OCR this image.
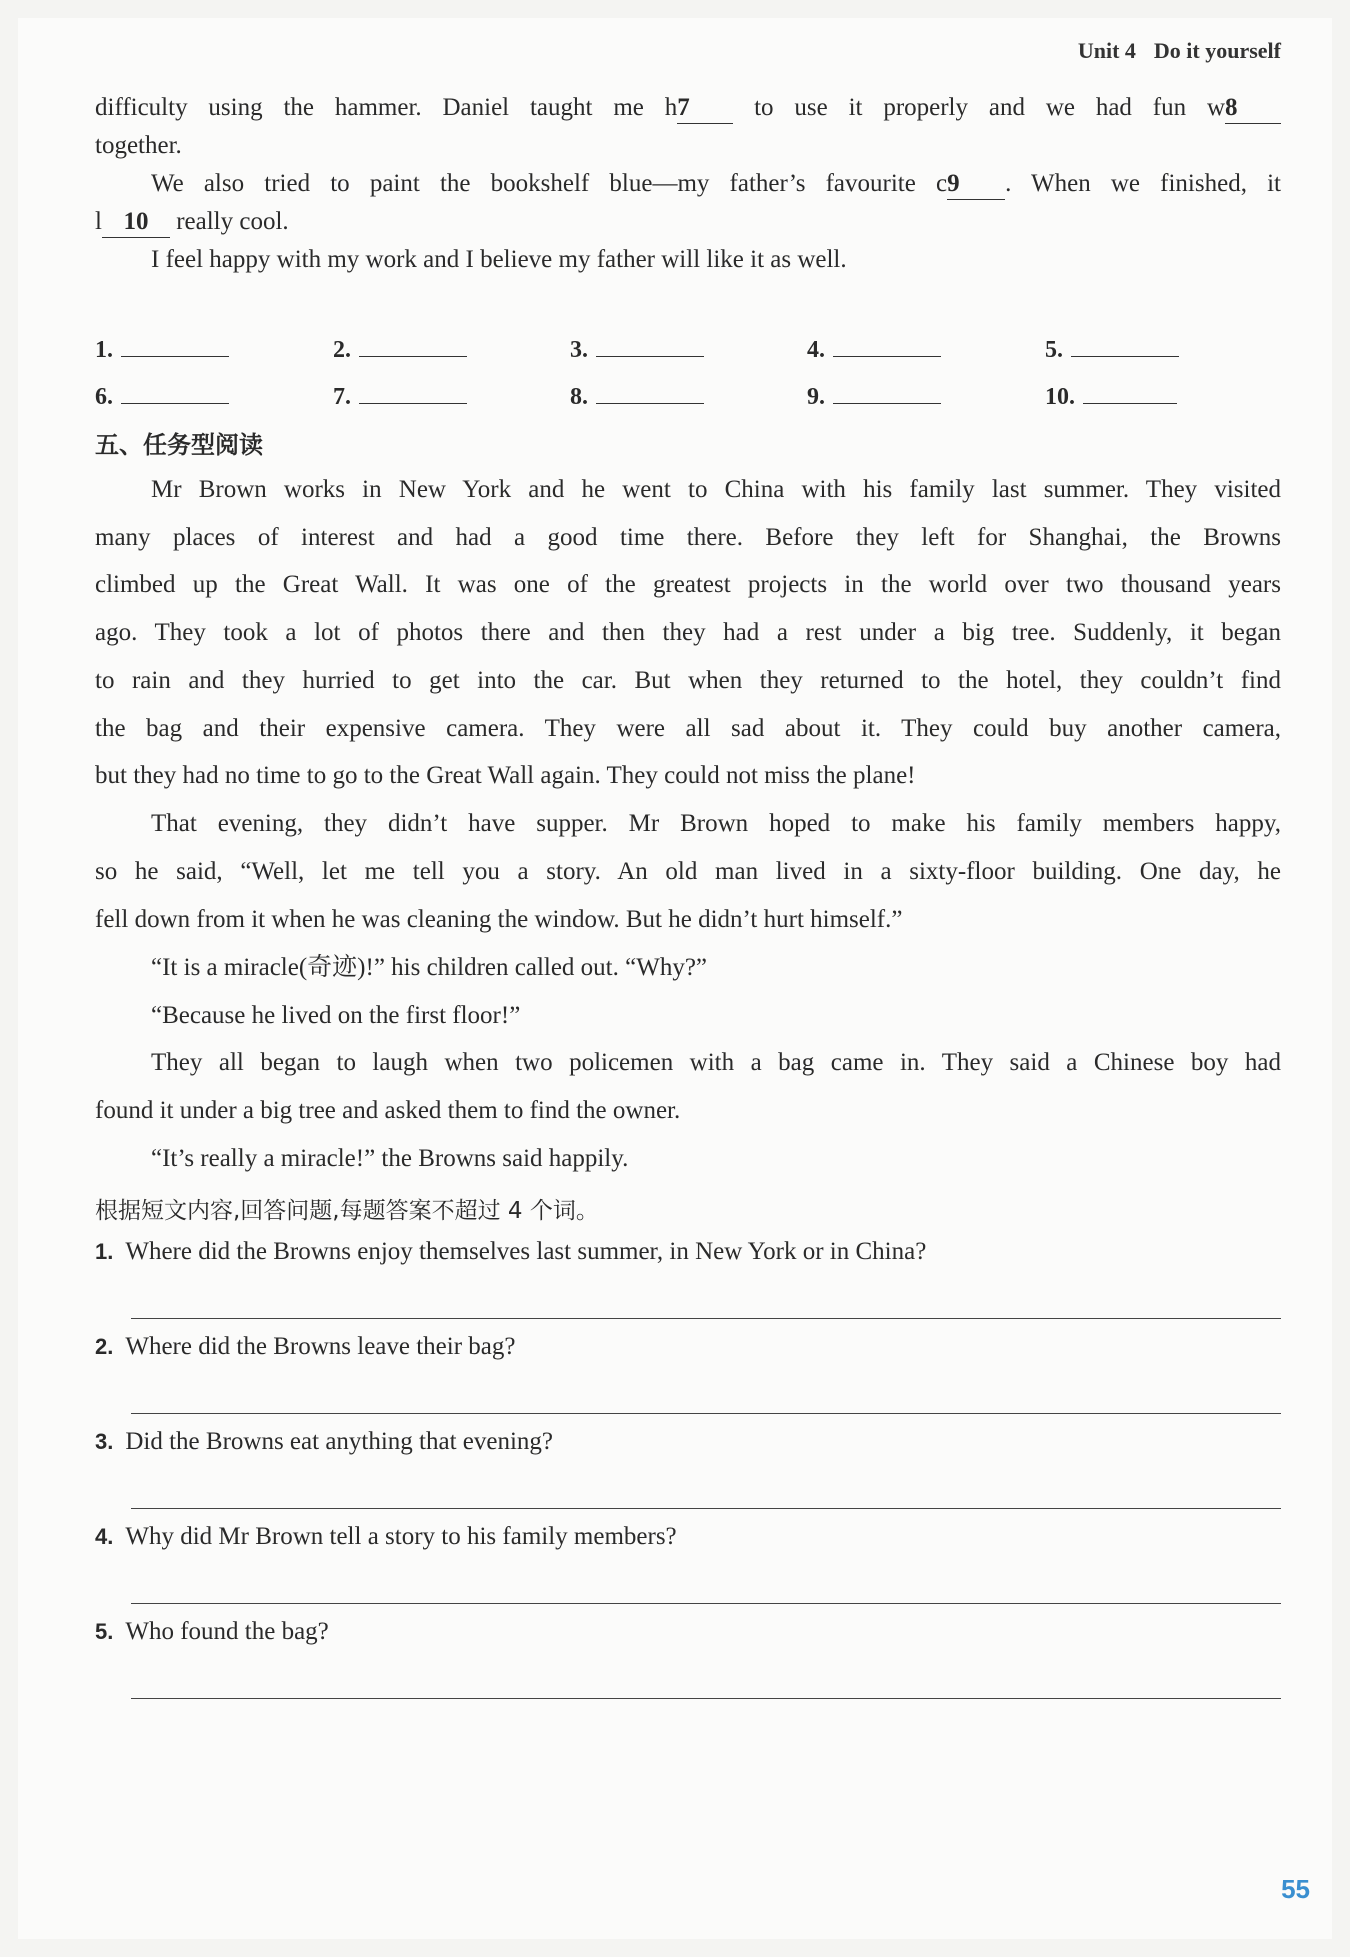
Unit 4 Do it yourself
difficulty using the hammer. Daniel taught me h7 to use it properly and we had fun w8
together.
We also tried to paint the bookshelf blue—my father’s favourite c9 . When we finished, it
l 10 really cool.
I feel happy with my work and I believe my father will like it as well.
1.	2.	3.	4.	5.
6.	7.	8.	9.	10.
五、任务型阅读
Mr Brown works in New York and he went to China with his family last summer. They visited
many places of interest and had a good time there. Before they left for Shanghai, the Browns
climbed up the Great Wall. It was one of the greatest projects in the world over two thousand years
ago. They took a lot of photos there and then they had a rest under a big tree. Suddenly, it began
to rain and they hurried to get into the car. But when they returned to the hotel, they couldn’t find
the bag and their expensive camera. They were all sad about it. They could buy another camera,
but they had no time to go to the Great Wall again. They could not miss the plane!
That evening, they didn’t have supper. Mr Brown hoped to make his family members happy,
so he said, “Well, let me tell you a story. An old man lived in a sixty-floor building. One day, he
fell down from it when he was cleaning the window. But he didn’t hurt himself.”
“It is a miracle(奇迹)!” his children called out. “Why?”
“Because he lived on the first floor!”
They all began to laugh when two policemen with a bag came in. They said a Chinese boy had
found it under a big tree and asked them to find the owner.
“It’s really a miracle!” the Browns said happily.
根据短文内容,回答问题,每题答案不超过 4 个词。
1. Where did the Browns enjoy themselves last summer, in New York or in China?
2. Where did the Browns leave their bag?
3. Did the Browns eat anything that evening?
4. Why did Mr Brown tell a story to his family members?
5. Who found the bag?
55
